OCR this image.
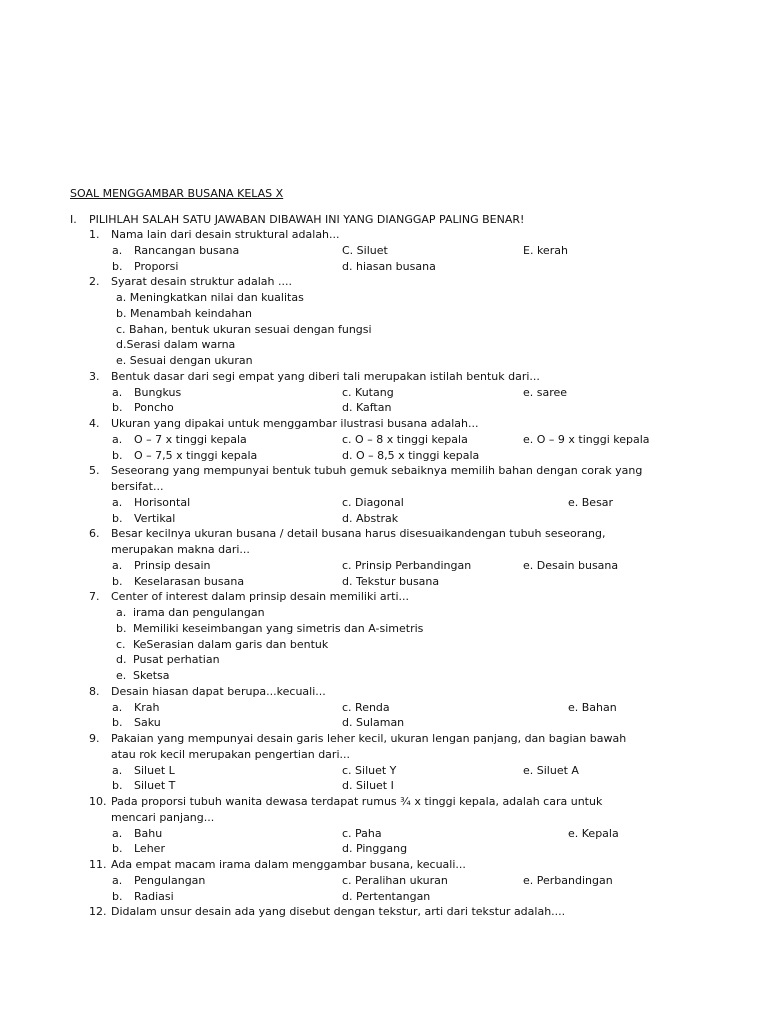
SOAL MENGGAMBAR BUSANA KELAS X
I. PILIHLAH SALAH SATU JAWABAN DIBAWAH INI YANG DIANGGAP PALING BENAR!
1. Nama lain dari desain struktural adalah...
a. Rancangan busana	C. Siluet	E. kerah
b. Proporsi	d. hiasan busana
2. Syarat desain struktur adalah ....
a. Meningkatkan nilai dan kualitas
b. Menambah keindahan
c. Bahan, bentuk ukuran sesuai dengan fungsi
d.Serasi dalam warna
e. Sesuai dengan ukuran
3. Bentuk dasar dari segi empat yang diberi tali merupakan istilah bentuk dari...
a. Bungkus	c. Kutang	e. saree
b. Poncho	d. Kaftan
4. Ukuran yang dipakai untuk menggambar ilustrasi busana adalah...
a. O – 7 x tinggi kepala	c. O – 8 x tinggi kepala	e. O – 9 x tinggi kepala
b. O – 7,5 x tinggi kepala	d. O – 8,5 x tinggi kepala
5. Seseorang yang mempunyai bentuk tubuh gemuk sebaiknya memilih bahan dengan corak yang
bersifat...
a. Horisontal	c. Diagonal	e. Besar
b. Vertikal	d. Abstrak
6. Besar kecilnya ukuran busana / detail busana harus disesuaikandengan tubuh seseorang,
merupakan makna dari...
a. Prinsip desain	c. Prinsip Perbandingan	e. Desain busana
b. Keselarasan busana	d. Tekstur busana
7. Center of interest dalam prinsip desain memiliki arti...
a. irama dan pengulangan
b. Memiliki keseimbangan yang simetris dan A-simetris
c. KeSerasian dalam garis dan bentuk
d. Pusat perhatian
e. Sketsa
8. Desain hiasan dapat berupa...kecuali...
a. Krah	c. Renda	e. Bahan
b. Saku	d. Sulaman
9. Pakaian yang mempunyai desain garis leher kecil, ukuran lengan panjang, dan bagian bawah
atau rok kecil merupakan pengertian dari...
a. Siluet L	c. Siluet Y	e. Siluet A
b. Siluet T	d. Siluet I
10. Pada proporsi tubuh wanita dewasa terdapat rumus ¾ x tinggi kepala, adalah cara untuk
mencari panjang...
a. Bahu	c. Paha	e. Kepala
b. Leher	d. Pinggang
11. Ada empat macam irama dalam menggambar busana, kecuali...
a. Pengulangan	c. Peralihan ukuran	e. Perbandingan
b. Radiasi	d. Pertentangan
12. Didalam unsur desain ada yang disebut dengan tekstur, arti dari tekstur adalah....
